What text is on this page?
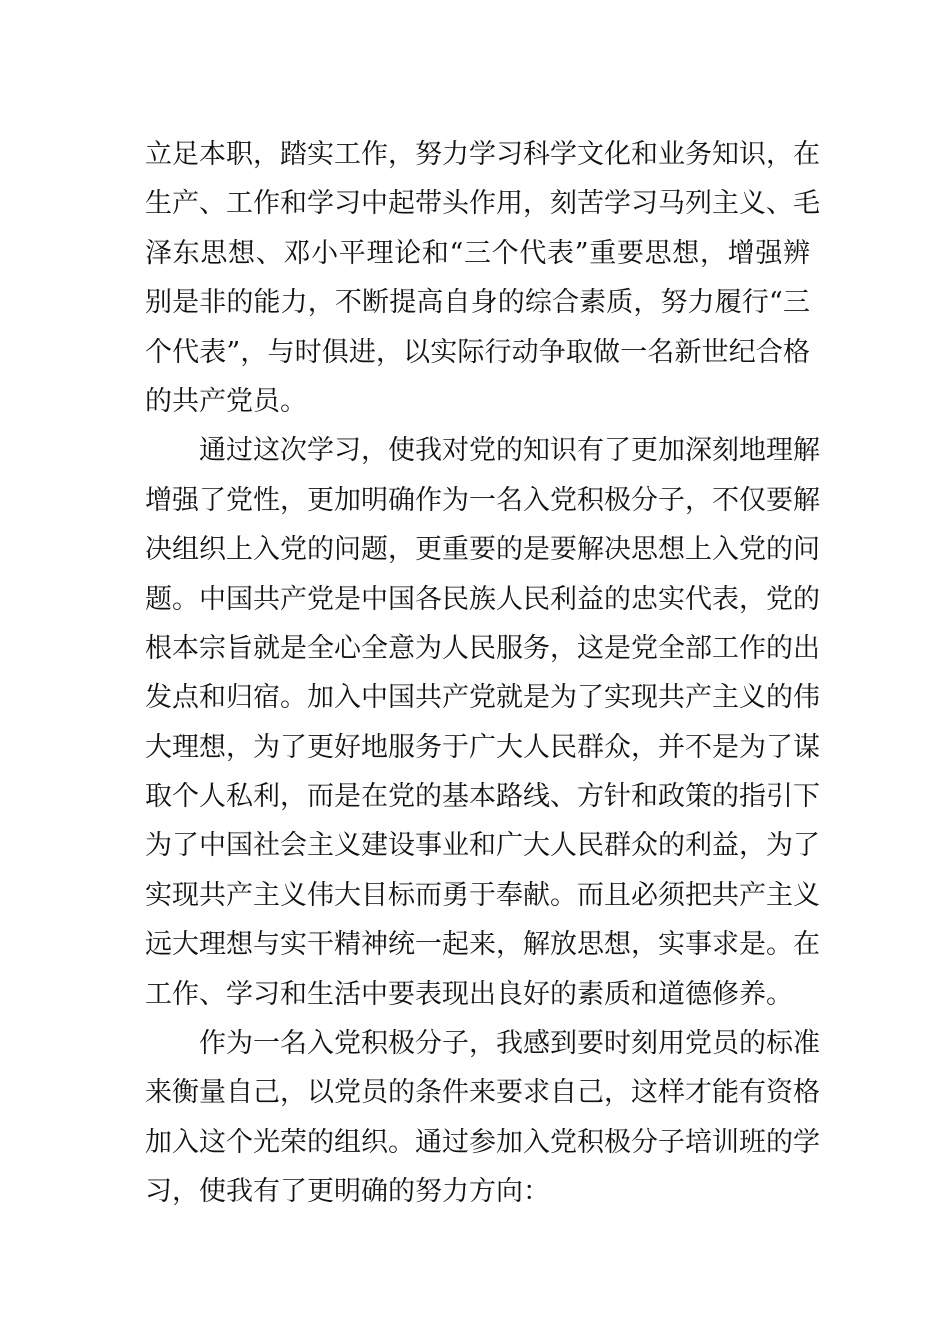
立足本职，踏实工作，努力学习科学文化和业务知识，在
生产、工作和学习中起带头作用，刻苦学习马列主义、毛
泽东思想、邓小平理论和“三个代表”重要思想，增强辨
别是非的能力，不断提高自身的综合素质，努力履行“三
个代表”，与时俱进，以实际行动争取做一名新世纪合格
的共产党员。
通过这次学习，使我对党的知识有了更加深刻地理解
增强了党性，更加明确作为一名入党积极分子，不仅要解
决组织上入党的问题，更重要的是要解决思想上入党的问
题。中国共产党是中国各民族人民利益的忠实代表，党的
根本宗旨就是全心全意为人民服务，这是党全部工作的出
发点和归宿。加入中国共产党就是为了实现共产主义的伟
大理想，为了更好地服务于广大人民群众，并不是为了谋
取个人私利，而是在党的基本路线、方针和政策的指引下
为了中国社会主义建设事业和广大人民群众的利益，为了
实现共产主义伟大目标而勇于奉献。而且必须把共产主义
远大理想与实干精神统一起来，解放思想，实事求是。在
工作、学习和生活中要表现出良好的素质和道德修养。
作为一名入党积极分子，我感到要时刻用党员的标准
来衡量自己，以党员的条件来要求自己，这样才能有资格
加入这个光荣的组织。通过参加入党积极分子培训班的学
习，使我有了更明确的努力方向：
